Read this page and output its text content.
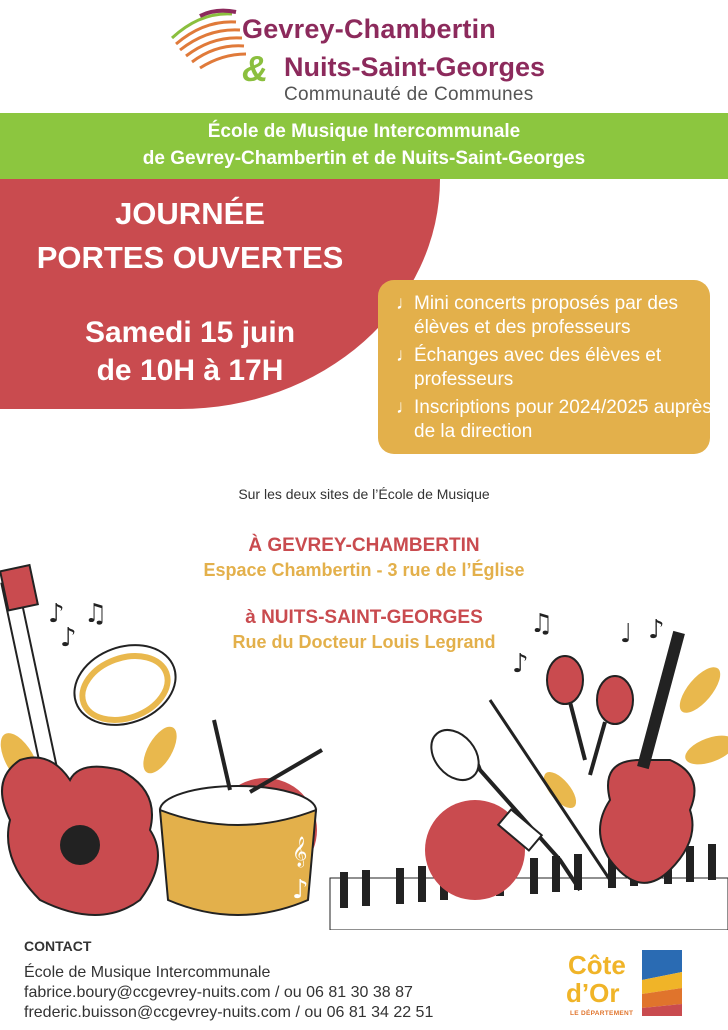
Gevrey-Chambertin
& Nuits-Saint-Georges
Communauté de Communes
École de Musique Intercommunale
de Gevrey-Chambertin et de Nuits-Saint-Georges
JOURNÉE
PORTES OUVERTES
Samedi 15 juin
de 10H à 17H
♩ Mini concerts proposés par des élèves et des professeurs
♩ Échanges avec des élèves et professeurs
♩ Inscriptions pour 2024/2025 auprès de la direction
♪ ♫
♪	♫
♪
♩ ♪
𝄞
♪
Sur les deux sites de l’École de Musique
À GEVREY-CHAMBERTIN
Espace Chambertin - 3 rue de l’Église
à NUITS-SAINT-GEORGES
Rue du Docteur Louis Legrand
CONTACT
École de Musique Intercommunale
fabrice.boury@ccgevrey-nuits.com / ou 06 81 30 38 87
frederic.buisson@ccgevrey-nuits.com / ou 06 81 34 22 51
Côte
d’Or
LE DÉPARTEMENT
